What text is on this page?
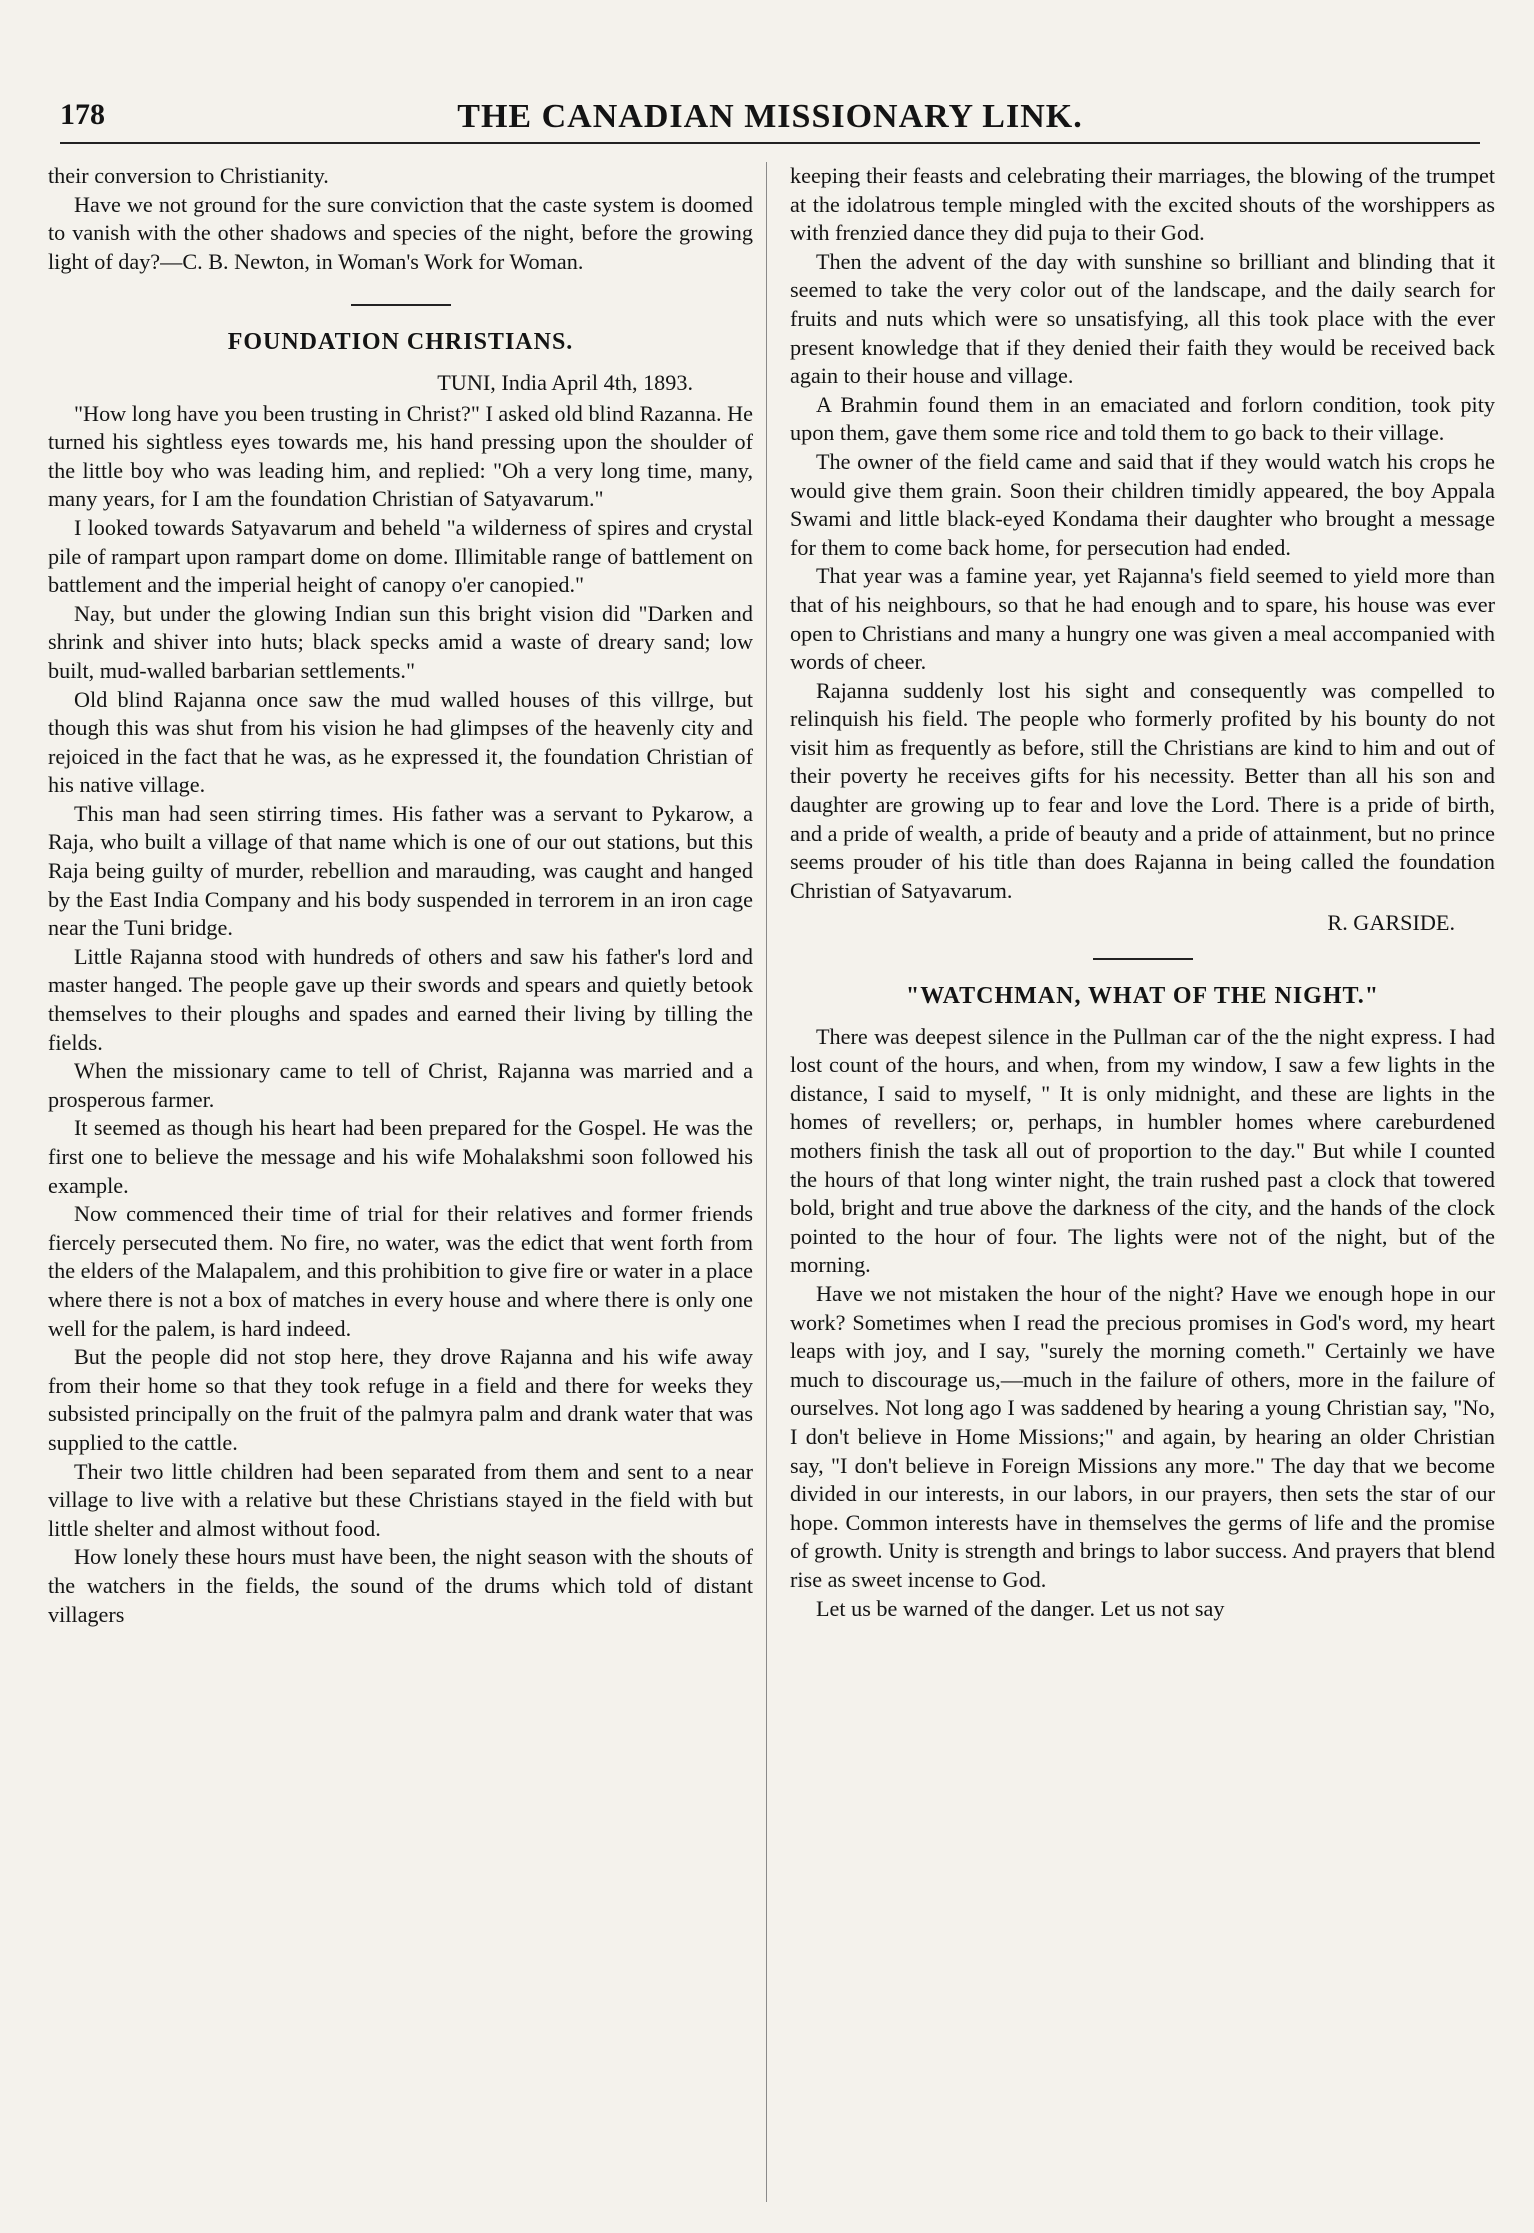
178	THE CANADIAN MISSIONARY LINK.

their conversion to Christianity.

Have we not ground for the sure conviction that the caste system is doomed to vanish with the other shadows and species of the night, before the growing light of day?—C. B. Newton, in Woman's Work for Woman.

FOUNDATION CHRISTIANS.

TUNI, India April 4th, 1893.

"How long have you been trusting in Christ?" I asked old blind Razanna. He turned his sightless eyes towards me, his hand pressing upon the shoulder of the little boy who was leading him, and replied: "Oh a very long time, many, many years, for I am the foundation Christian of Satyavarum."

I looked towards Satyavarum and beheld "a wilderness of spires and crystal pile of rampart upon rampart dome on dome. Illimitable range of battlement on battlement and the imperial height of canopy o'er canopied."

Nay, but under the glowing Indian sun this bright vision did "Darken and shrink and shiver into huts; black specks amid a waste of dreary sand; low built, mud-walled barbarian settlements."

Old blind Rajanna once saw the mud walled houses of this villrge, but though this was shut from his vision he had glimpses of the heavenly city and rejoiced in the fact that he was, as he expressed it, the foundation Christian of his native village.

This man had seen stirring times. His father was a servant to Pykarow, a Raja, who built a village of that name which is one of our out stations, but this Raja being guilty of murder, rebellion and marauding, was caught and hanged by the East India Company and his body suspended in terrorem in an iron cage near the Tuni bridge.

Little Rajanna stood with hundreds of others and saw his father's lord and master hanged. The people gave up their swords and spears and quietly betook themselves to their ploughs and spades and earned their living by tilling the fields.

When the missionary came to tell of Christ, Rajanna was married and a prosperous farmer.

It seemed as though his heart had been prepared for the Gospel. He was the first one to believe the message and his wife Mohalakshmi soon followed his example.

Now commenced their time of trial for their relatives and former friends fiercely persecuted them. No fire, no water, was the edict that went forth from the elders of the Malapalem, and this prohibition to give fire or water in a place where there is not a box of matches in every house and where there is only one well for the palem, is hard indeed.

But the people did not stop here, they drove Rajanna and his wife away from their home so that they took refuge in a field and there for weeks they subsisted principally on the fruit of the palmyra palm and drank water that was supplied to the cattle.

Their two little children had been separated from them and sent to a near village to live with a relative but these Christians stayed in the field with but little shelter and almost without food.

How lonely these hours must have been, the night season with the shouts of the watchers in the fields, the sound of the drums which told of distant villagers

keeping their feasts and celebrating their marriages, the blowing of the trumpet at the idolatrous temple mingled with the excited shouts of the worshippers as with frenzied dance they did puja to their God.

Then the advent of the day with sunshine so brilliant and blinding that it seemed to take the very color out of the landscape, and the daily search for fruits and nuts which were so unsatisfying, all this took place with the ever present knowledge that if they denied their faith they would be received back again to their house and village.

A Brahmin found them in an emaciated and forlorn condition, took pity upon them, gave them some rice and told them to go back to their village.

The owner of the field came and said that if they would watch his crops he would give them grain. Soon their children timidly appeared, the boy Appala Swami and little black-eyed Kondama their daughter who brought a message for them to come back home, for persecution had ended.

That year was a famine year, yet Rajanna's field seemed to yield more than that of his neighbours, so that he had enough and to spare, his house was ever open to Christians and many a hungry one was given a meal accompanied with words of cheer.

Rajanna suddenly lost his sight and consequently was compelled to relinquish his field. The people who formerly profited by his bounty do not visit him as frequently as before, still the Christians are kind to him and out of their poverty he receives gifts for his necessity. Better than all his son and daughter are growing up to fear and love the Lord. There is a pride of birth, and a pride of wealth, a pride of beauty and a pride of attainment, but no prince seems prouder of his title than does Rajanna in being called the foundation Christian of Satyavarum.

R. GARSIDE.

"WATCHMAN, WHAT OF THE NIGHT."

There was deepest silence in the Pullman car of the the night express. I had lost count of the hours, and when, from my window, I saw a few lights in the distance, I said to myself, " It is only midnight, and these are lights in the homes of revellers; or, perhaps, in humbler homes where careburdened mothers finish the task all out of proportion to the day." But while I counted the hours of that long winter night, the train rushed past a clock that towered bold, bright and true above the darkness of the city, and the hands of the clock pointed to the hour of four. The lights were not of the night, but of the morning.

Have we not mistaken the hour of the night? Have we enough hope in our work? Sometimes when I read the precious promises in God's word, my heart leaps with joy, and I say, "surely the morning cometh." Certainly we have much to discourage us,—much in the failure of others, more in the failure of ourselves. Not long ago I was saddened by hearing a young Christian say, "No, I don't believe in Home Missions;" and again, by hearing an older Christian say, "I don't believe in Foreign Missions any more." The day that we become divided in our interests, in our labors, in our prayers, then sets the star of our hope. Common interests have in themselves the germs of life and the promise of growth. Unity is strength and brings to labor success. And prayers that blend rise as sweet incense to God.

Let us be warned of the danger. Let us not say
